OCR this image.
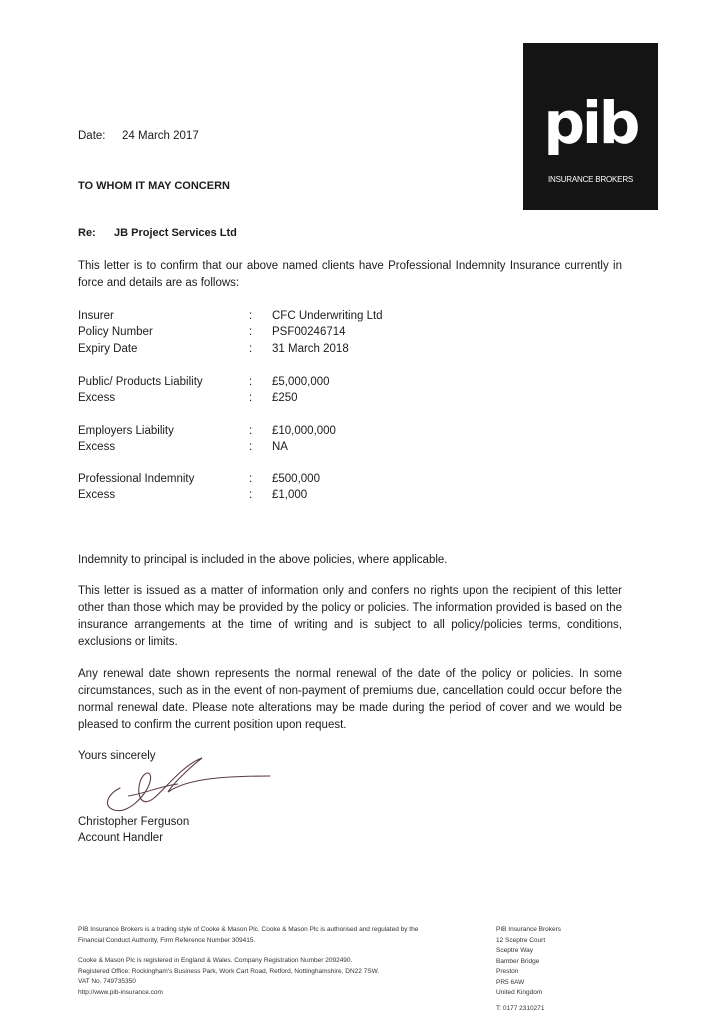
pib
INSURANCE BROKERS
Date: 24 March 2017
TO WHOM IT MAY CONCERN
Re: JB Project Services Ltd
This letter is to confirm that our above named clients have Professional Indemnity Insurance currently in force and details are as follows:
Insurer	: CFC Underwriting Ltd
Policy Number	: PSF00246714
Expiry Date	: 31 March 2018
Public/ Products Liability	: £5,000,000
Excess	: £250
Employers Liability	: £10,000,000
Excess	: NA
Professional Indemnity	: £500,000
Excess	: £1,000
Indemnity to principal is included in the above policies, where applicable.
This letter is issued as a matter of information only and confers no rights upon the recipient of this letter other than those which may be provided by the policy or policies. The information provided is based on the insurance arrangements at the time of writing and is subject to all policy/policies terms, conditions, exclusions or limits.
Any renewal date shown represents the normal renewal of the date of the policy or policies. In some circumstances, such as in the event of non-payment of premiums due, cancellation could occur before the normal renewal date. Please note alterations may be made during the period of cover and we would be pleased to confirm the current position upon request.
Yours sincerely
Christopher Ferguson
Account Handler
PIB Insurance Brokers is a trading style of Cooke & Mason Plc. Cooke & Mason Plc is authorised and regulated by the
Financial Conduct Authority, Firm Reference Number 309415.
Cooke & Mason Plc is registered in England & Wales. Company Registration Number 2092490.
Registered Office: Rockingham's Business Park, Work Cart Road, Retford, Nottinghamshire, DN22 7SW.
VAT No. 749735350
http://www.pib-insurance.com
PIB Insurance Brokers
12 Sceptre Court
Sceptre Way
Bamber Bridge
Preston
PR5 6AW
United Kingdom
T: 0177 2310271
